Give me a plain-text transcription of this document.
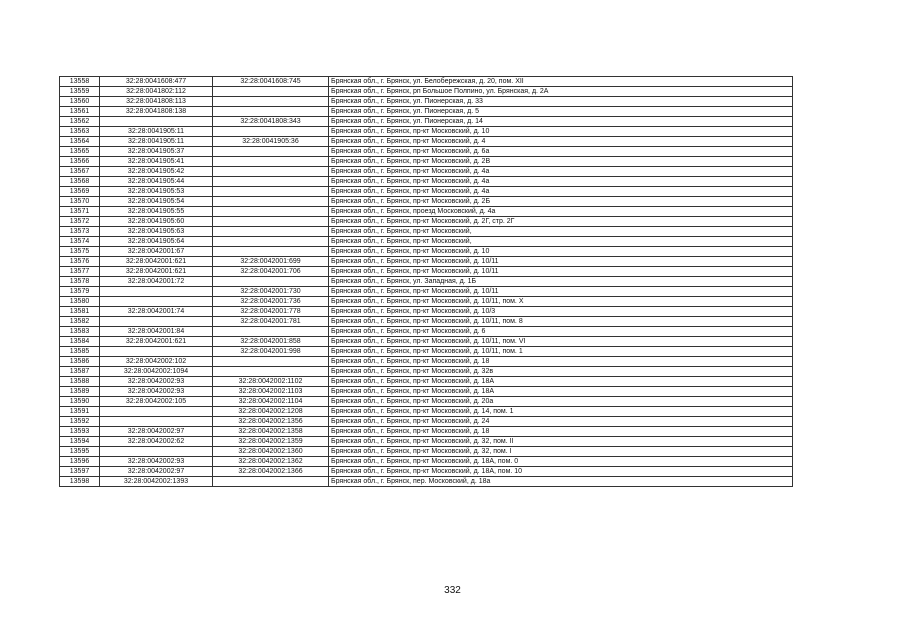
13558	32:28:0041608:477	32:28:0041608:745	Брянская обл., г. Брянск, ул. Белобережская, д. 20, пом. XII
13559	32:28:0041802:112		Брянская обл., г. Брянск, рп Большое Полпино, ул. Брянская, д. 2А
13560	32:28:0041808:113		Брянская обл., г. Брянск, ул. Пионерская, д. 33
13561	32:28:0041808:138		Брянская обл., г. Брянск, ул. Пионерская, д. 5
13562		32:28:0041808:343	Брянская обл., г. Брянск, ул. Пионерская, д. 14
13563	32:28:0041905:11		Брянская обл., г. Брянск, пр-кт Московский, д. 10
13564	32:28:0041905:11	32:28:0041905:36	Брянская обл., г. Брянск, пр-кт Московский, д. 4
13565	32:28:0041905:37		Брянская обл., г. Брянск, пр-кт Московский, д. 6а
13566	32:28:0041905:41		Брянская обл., г. Брянск, пр-кт Московский, д. 2В
13567	32:28:0041905:42		Брянская обл., г. Брянск, пр-кт Московский, д. 4а
13568	32:28:0041905:44		Брянская обл., г. Брянск, пр-кт Московский, д. 4а
13569	32:28:0041905:53		Брянская обл., г. Брянск, пр-кт Московский, д. 4а
13570	32:28:0041905:54		Брянская обл., г. Брянск, пр-кт Московский, д. 2Б
13571	32:28:0041905:55		Брянская обл., г. Брянск, проезд Московский, д. 4а
13572	32:28:0041905:60		Брянская обл., г. Брянск, пр-кт Московский, д. 2Г, стр. 2Г
13573	32:28:0041905:63		Брянская обл., г. Брянск, пр-кт Московский,
13574	32:28:0041905:64		Брянская обл., г. Брянск, пр-кт Московский,
13575	32:28:0042001:67		Брянская обл., г. Брянск, пр-кт Московский, д. 10
13576	32:28:0042001:621	32:28:0042001:699	Брянская обл., г. Брянск, пр-кт Московский, д. 10/11
13577	32:28:0042001:621	32:28:0042001:706	Брянская обл., г. Брянск, пр-кт Московский, д. 10/11
13578	32:28:0042001:72		Брянская обл., г. Брянск, ул. Западная, д. 1Б
13579		32:28:0042001:730	Брянская обл., г. Брянск, пр-кт Московский, д. 10/11
13580		32:28:0042001:736	Брянская обл., г. Брянск, пр-кт Московский, д. 10/11, пом. Х
13581	32:28:0042001:74	32:28:0042001:778	Брянская обл., г. Брянск, пр-кт Московский, д. 10/3
13582		32:28:0042001:781	Брянская обл., г. Брянск, пр-кт Московский, д. 10/11, пом. 8
13583	32:28:0042001:84		Брянская обл., г. Брянск, пр-кт Московский, д. 6
13584	32:28:0042001:621	32:28:0042001:858	Брянская обл., г. Брянск, пр-кт Московский, д. 10/11, пом. VI
13585		32:28:0042001:998	Брянская обл., г. Брянск, пр-кт Московский, д. 10/11, пом. 1
13586	32:28:0042002:102		Брянская обл., г. Брянск, пр-кт Московский, д. 18
13587	32:28:0042002:1094		Брянская обл., г. Брянск, пр-кт Московский, д. 32в
13588	32:28:0042002:93	32:28:0042002:1102	Брянская обл., г. Брянск, пр-кт Московский, д. 18А
13589	32:28:0042002:93	32:28:0042002:1103	Брянская обл., г. Брянск, пр-кт Московский, д. 18А
13590	32:28:0042002:105	32:28:0042002:1104	Брянская обл., г. Брянск, пр-кт Московский, д. 20а
13591		32:28:0042002:1208	Брянская обл., г. Брянск, пр-кт Московский, д. 14, пом. 1
13592		32:28:0042002:1356	Брянская обл., г. Брянск, пр-кт Московский, д. 24
13593	32:28:0042002:97	32:28:0042002:1358	Брянская обл., г. Брянск, пр-кт Московский, д. 18
13594	32:28:0042002:62	32:28:0042002:1359	Брянская обл., г. Брянск, пр-кт Московский, д. 32, пом. II
13595		32:28:0042002:1360	Брянская обл., г. Брянск, пр-кт Московский, д. 32, пом. I
13596	32:28:0042002:93	32:28:0042002:1362	Брянская обл., г. Брянск, пр-кт Московский, д. 18А, пом. 0
13597	32:28:0042002:97	32:28:0042002:1366	Брянская обл., г. Брянск, пр-кт Московский, д. 18А, пом. 10
13598	32:28:0042002:1393		Брянская обл., г. Брянск, пер. Московский, д. 18а
332
